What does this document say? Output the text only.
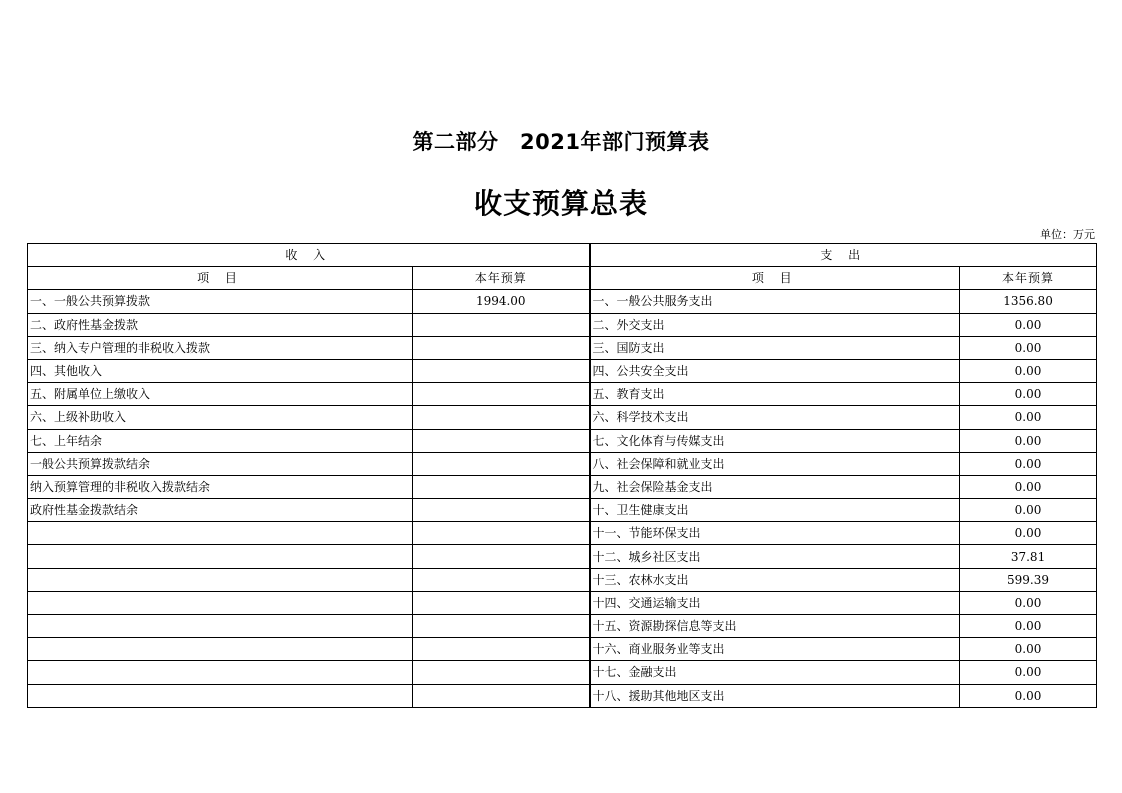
第二部分　2021年部门预算表
收支预算总表
单位：万元
收 入		支 出	
项 目	本年预算	项 目	本年预算
一、一般公共预算拨款	1994.00	一、一般公共服务支出	1356.80
二、政府性基金拨款		二、外交支出	0.00
三、纳入专户管理的非税收入拨款		三、国防支出	0.00
四、其他收入		四、公共安全支出	0.00
五、附属单位上缴收入		五、教育支出	0.00
六、上级补助收入		六、科学技术支出	0.00
七、上年结余		七、文化体育与传媒支出	0.00
一般公共预算拨款结余		八、社会保障和就业支出	0.00
纳入预算管理的非税收入拨款结余		九、社会保险基金支出	0.00
政府性基金拨款结余		十、卫生健康支出	0.00
		十一、节能环保支出	0.00
		十二、城乡社区支出	37.81
		十三、农林水支出	599.39
		十四、交通运输支出	0.00
		十五、资源勘探信息等支出	0.00
		十六、商业服务业等支出	0.00
		十七、金融支出	0.00
		十八、援助其他地区支出	0.00
